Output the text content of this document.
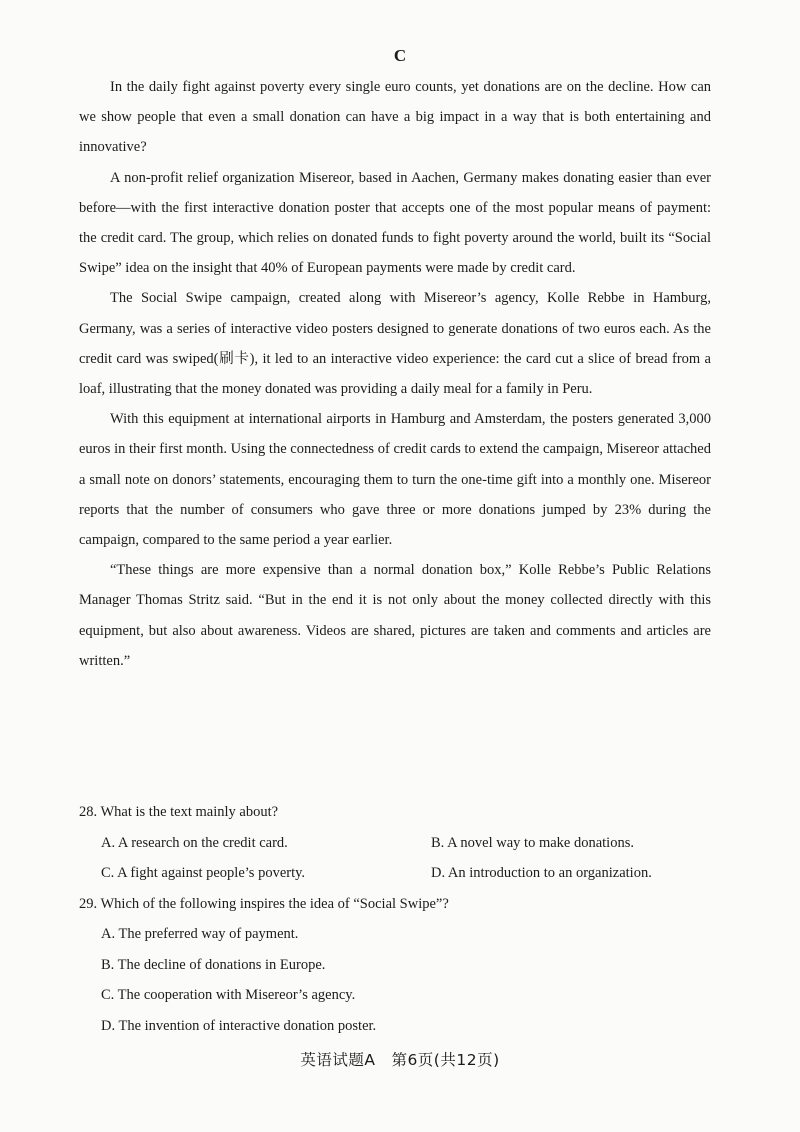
C

In the daily fight against poverty every single euro counts, yet donations are on the decline. How can we show people that even a small donation can have a big impact in a way that is both entertaining and innovative?

A non-profit relief organization Misereor, based in Aachen, Germany makes donating easier than ever before—with the first interactive donation poster that accepts one of the most popular means of payment: the credit card. The group, which relies on donated funds to fight poverty around the world, built its “Social Swipe” idea on the insight that 40% of European payments were made by credit card.

The Social Swipe campaign, created along with Misereor’s agency, Kolle Rebbe in Hamburg, Germany, was a series of interactive video posters designed to generate donations of two euros each. As the credit card was swiped(刷卡), it led to an interactive video experience: the card cut a slice of bread from a loaf, illustrating that the money donated was providing a daily meal for a family in Peru.

With this equipment at international airports in Hamburg and Amsterdam, the posters generated 3,000 euros in their first month. Using the connectedness of credit cards to extend the campaign, Misereor attached a small note on donors’ statements, encouraging them to turn the one-time gift into a monthly one. Misereor reports that the number of consumers who gave three or more donations jumped by 23% during the campaign, compared to the same period a year earlier.

“These things are more expensive than a normal donation box,” Kolle Rebbe’s Public Relations Manager Thomas Stritz said. “But in the end it is not only about the money collected directly with this equipment, but also about awareness. Videos are shared, pictures are taken and comments and articles are written.”

28. What is the text mainly about?
A. A research on the credit card.	B. A novel way to make donations.
C. A fight against people’s poverty.	D. An introduction to an organization.
29. Which of the following inspires the idea of “Social Swipe”?
A. The preferred way of payment.
B. The decline of donations in Europe.
C. The cooperation with Misereor’s agency.
D. The invention of interactive donation poster.
英语试题A　第6页(共12页)
